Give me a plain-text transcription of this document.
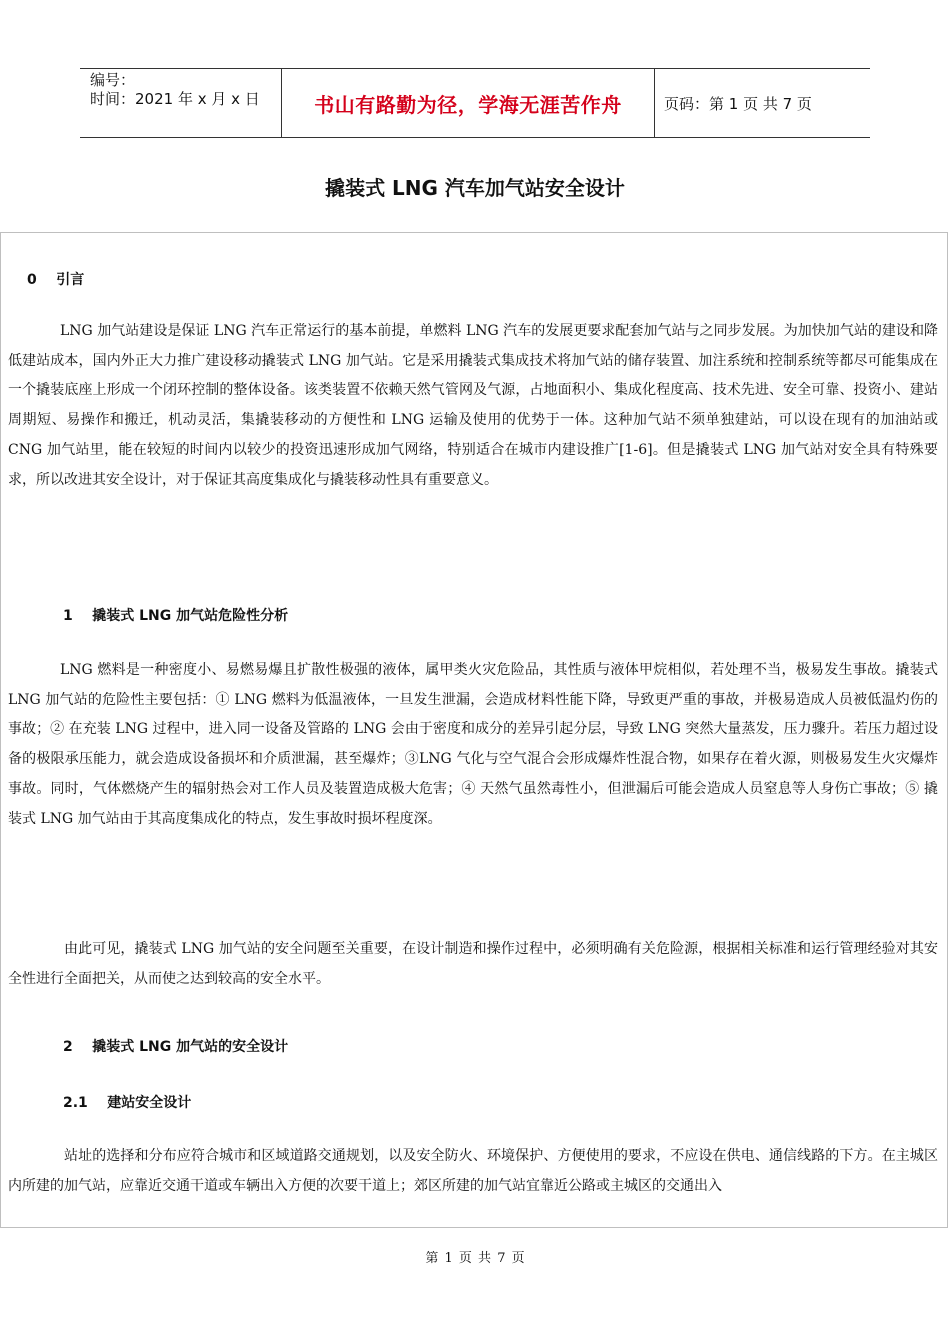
编号：
时间：2021 年 x 月 x 日	书山有路勤为径，学海无涯苦作舟	页码：第 1 页 共 7 页
撬装式 LNG 汽车加气站安全设计
0    引言
LNG 加气站建设是保证 LNG 汽车正常运行的基本前提，单燃料 LNG 汽车的发展更要求配套加气站与之同步发展。为加快加气站的建设和降低建站成本，国内外正大力推广建设移动撬装式 LNG 加气站。它是采用撬装式集成技术将加气站的储存装置、加注系统和控制系统等都尽可能集成在一个撬装底座上形成一个闭环控制的整体设备。该类装置不依赖天然气管网及气源，占地面积小、集成化程度高、技术先进、安全可靠、投资小、建站周期短、易操作和搬迁，机动灵活，集撬装移动的方便性和 LNG 运输及使用的优势于一体。这种加气站不须单独建站，可以设在现有的加油站或 CNG 加气站里，能在较短的时间内以较少的投资迅速形成加气网络，特别适合在城市内建设推广[1-6]。但是撬装式 LNG 加气站对安全具有特殊要求，所以改进其安全设计，对于保证其高度集成化与撬装移动性具有重要意义。
1    撬装式 LNG 加气站危险性分析
LNG 燃料是一种密度小、易燃易爆且扩散性极强的液体，属甲类火灾危险品，其性质与液体甲烷相似，若处理不当，极易发生事故。撬装式 LNG 加气站的危险性主要包括：① LNG 燃料为低温液体，一旦发生泄漏，会造成材料性能下降，导致更严重的事故，并极易造成人员被低温灼伤的事故；② 在充装 LNG 过程中，进入同一设备及管路的 LNG 会由于密度和成分的差异引起分层，导致 LNG 突然大量蒸发，压力骤升。若压力超过设备的极限承压能力，就会造成设备损坏和介质泄漏，甚至爆炸；③LNG 气化与空气混合会形成爆炸性混合物，如果存在着火源，则极易发生火灾爆炸事故。同时，气体燃烧产生的辐射热会对工作人员及装置造成极大危害；④ 天然气虽然毒性小，但泄漏后可能会造成人员窒息等人身伤亡事故；⑤ 撬装式 LNG 加气站由于其高度集成化的特点，发生事故时损坏程度深。
由此可见，撬装式 LNG 加气站的安全问题至关重要，在设计制造和操作过程中，必须明确有关危险源，根据相关标准和运行管理经验对其安全性进行全面把关，从而使之达到较高的安全水平。
2    撬装式 LNG 加气站的安全设计
2.1    建站安全设计
站址的选择和分布应符合城市和区域道路交通规划，以及安全防火、环境保护、方便使用的要求，不应设在供电、通信线路的下方。在主城区内所建的加气站，应靠近交通干道或车辆出入方便的次要干道上；郊区所建的加气站宜靠近公路或主城区的交通出入
第 1 页 共 7 页
